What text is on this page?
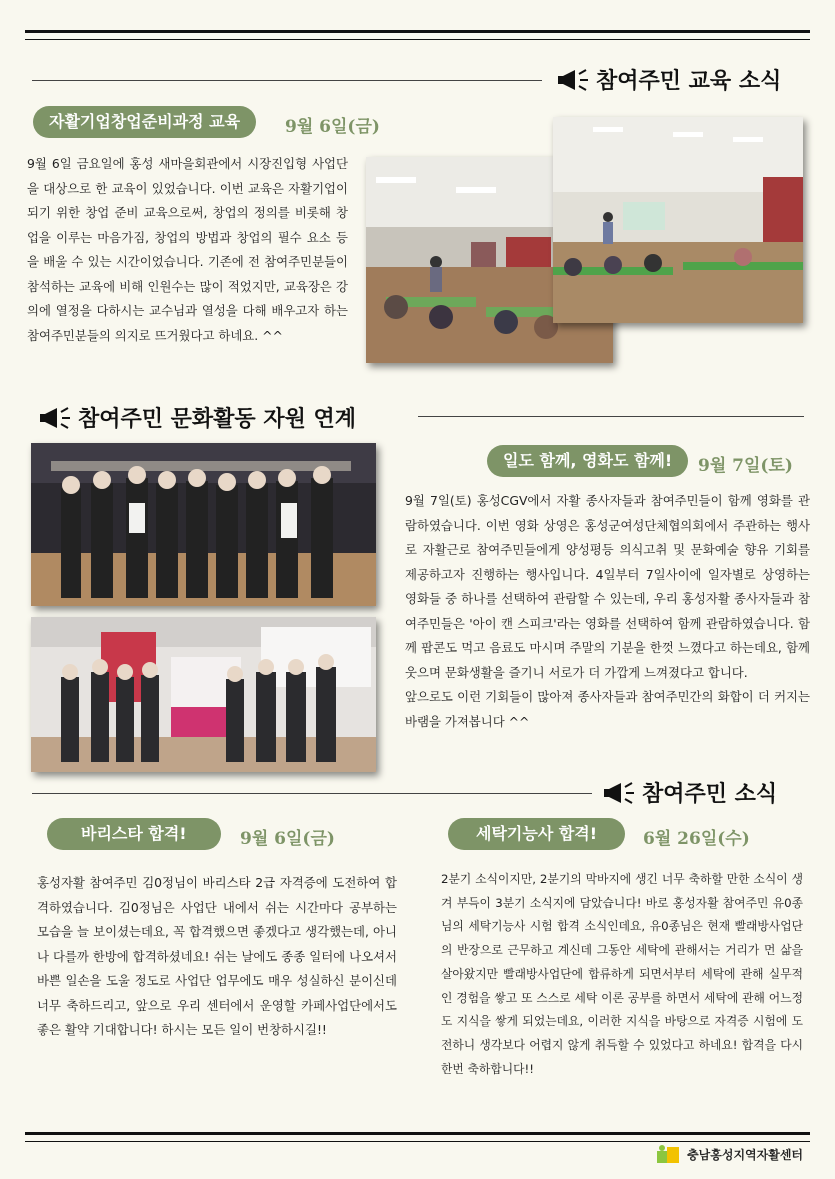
참여주민 교육 소식
자활기업창업준비과정 교육	9월 6일(금)
9월 6일 금요일에 홍성 새마을회관에서 시장진입형 사업단을 대상으로 한 교육이 있었습니다. 이번 교육은 자활기업이 되기 위한 창업 준비 교육으로써, 창업의 정의를 비롯해 창업을 이루는 마음가짐, 창업의 방법과 창업의 필수 요소 등을 배울 수 있는 시간이었습니다. 기존에 전 참여주민분들이 참석하는 교육에 비해 인원수는 많이 적었지만, 교육장은 강의에 열정을 다하시는 교수님과 열성을 다해 배우고자 하는 참여주민분들의 의지로 뜨거웠다고 하네요. ^^
참여주민 문화활동 자원 연계
일도 함께, 영화도 함께!	9월 7일(토)
9월 7일(토) 홍성CGV에서 자활 종사자들과 참여주민들이 함께 영화를 관람하였습니다. 이번 영화 상영은 홍성군여성단체협의회에서 주관하는 행사로 자활근로 참여주민들에게 양성평등 의식고취 및 문화예술 향유 기회를 제공하고자 진행하는 행사입니다. 4일부터 7일사이에 일자별로 상영하는 영화들 중 하나를 선택하여 관람할 수 있는데, 우리 홍성자활 종사자들과 참여주민들은 '아이 캔 스피크'라는 영화를 선택하여 함께 관람하였습니다. 함께 팝콘도 먹고 음료도 마시며 주말의 기분을 한껏 느꼈다고 하는데요, 함께 웃으며 문화생활을 즐기니 서로가 더 가깝게 느껴졌다고 합니다.
앞으로도 이런 기회들이 많아져 종사자들과 참여주민간의 화합이 더 커지는 바램을 가져봅니다 ^^
참여주민 소식
바리스타 합격!	9월 6일(금)
홍성자활 참여주민 김0정님이 바리스타 2급 자격증에 도전하여 합격하였습니다. 김0정님은 사업단 내에서 쉬는 시간마다 공부하는 모습을 늘 보이셨는데요, 꼭 합격했으면 좋겠다고 생각했는데, 아니나 다를까 한방에 합격하셨네요! 쉬는 날에도 종종 일터에 나오셔서 바쁜 일손을 도울 정도로 사업단 업무에도 매우 성실하신 분이신데 너무 축하드리고, 앞으로 우리 센터에서 운영할 카페사업단에서도 좋은 활약 기대합니다! 하시는 모든 일이 번창하시길!!
세탁기능사 합격!	6월 26일(수)
2분기 소식이지만, 2분기의 막바지에 생긴 너무 축하할 만한 소식이 생겨 부득이 3분기 소식지에 담았습니다! 바로 홍성자활 참여주민 유0종님의 세탁기능사 시험 합격 소식인데요, 유0종님은 현재 빨래방사업단의 반장으로 근무하고 계신데 그동안 세탁에 관해서는 거리가 먼 삶을 살아왔지만 빨래방사업단에 합류하게 되면서부터 세탁에 관해 실무적인 경험을 쌓고 또 스스로 세탁 이론 공부를 하면서 세탁에 관해 어느정도 지식을 쌓게 되었는데요, 이러한 지식을 바탕으로 자격증 시험에 도전하니 생각보다 어렵지 않게 취득할 수 있었다고 하네요! 합격을 다시 한번 축하합니다!!
충남홍성지역자활센터
